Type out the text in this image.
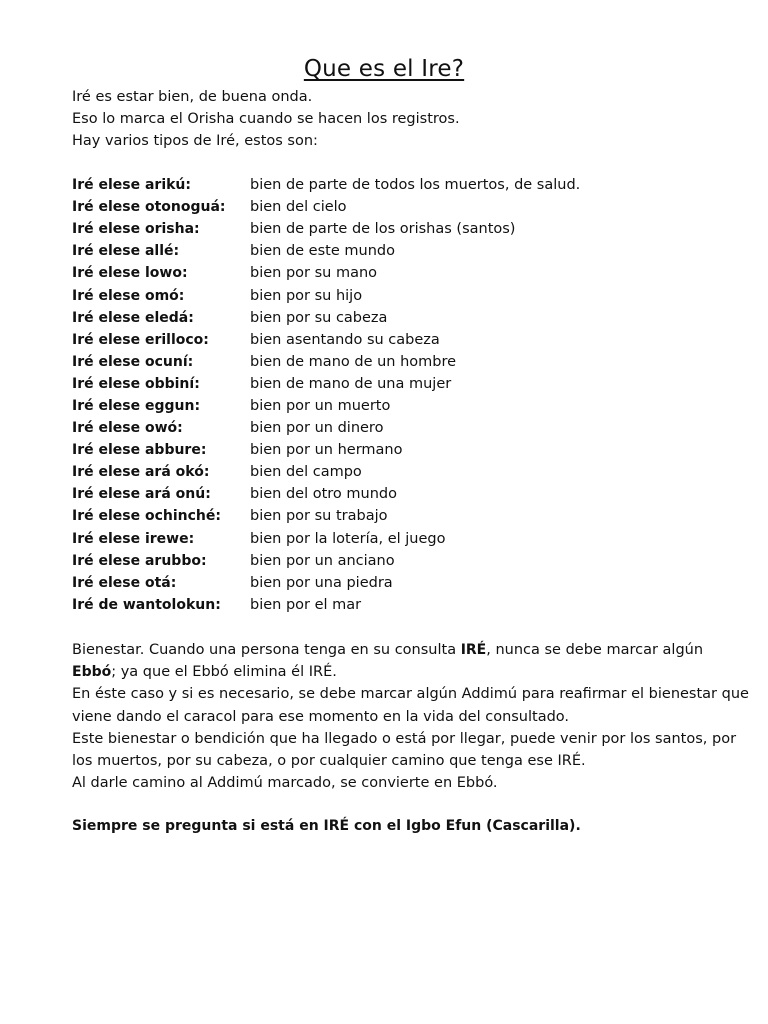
Que es el Ire?
Iré es estar bien, de buena onda.
Eso lo marca el Orisha cuando se hacen los registros.
Hay varios tipos de Iré, estos son:
Iré elese arikú:	bien de parte de todos los muertos, de salud.
Iré elese otonoguá:	bien del cielo
Iré elese orisha:	bien de parte de los orishas (santos)
Iré elese allé:	bien de este mundo
Iré elese lowo:	bien por su mano
Iré elese omó:	bien por su hijo
Iré elese eledá:	bien por su cabeza
Iré elese erilloco:	bien asentando su cabeza
Iré elese ocuní:	bien de mano de un hombre
Iré elese obbiní:	bien de mano de una mujer
Iré elese eggun:	bien por un muerto
Iré elese owó:	bien por un dinero
Iré elese abbure:	bien por un hermano
Iré elese ará okó:	bien del campo
Iré elese ará onú:	bien del otro mundo
Iré elese ochinché:	bien por su trabajo
Iré elese irewe:	bien por la lotería, el juego
Iré elese arubbo:	bien por un anciano
Iré elese otá:	bien por una piedra
Iré de wantolokun:	bien por el mar
Bienestar. Cuando una persona tenga en su consulta IRÉ, nunca se debe marcar algún
Ebbó; ya que el Ebbó elimina él IRÉ.
En éste caso y si es necesario, se debe marcar algún Addimú para reafirmar el bienestar que
viene dando el caracol para ese momento en la vida del consultado.
Este bienestar o bendición que ha llegado o está por llegar, puede venir por los santos, por
los muertos, por su cabeza, o por cualquier camino que tenga ese IRÉ.
Al darle camino al Addimú marcado, se convierte en Ebbó.
Siempre se pregunta si está en IRÉ con el Igbo Efun (Cascarilla).
